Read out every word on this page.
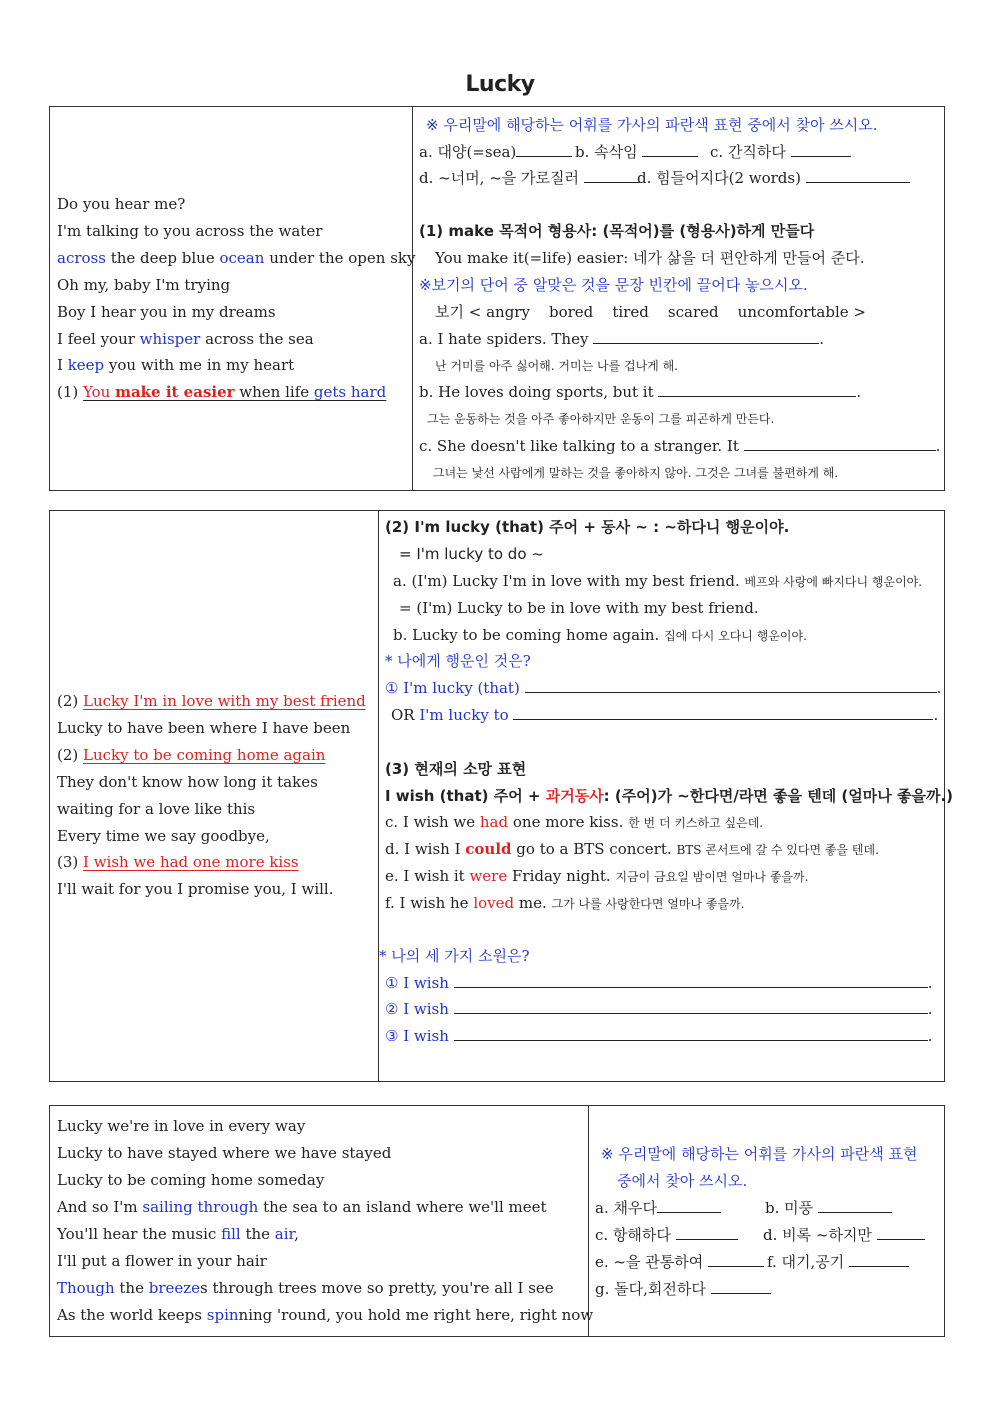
Lucky
Do you hear me?
I'm talking to you across the water
across the deep blue ocean under the open sky
Oh my, baby I'm trying
Boy I hear you in my dreams
I feel your whisper across the sea
I keep you with me in my heart
(1) You make it easier when life gets hard
※ 우리말에 해당하는 어휘를 가사의 파란색 표현 중에서 찾아 쓰시오.
a. 대양(=sea)	b. 속삭임	c. 간직하다
d. ~너머, ~을 가로질러	d. 힘들어지다(2 words)
(1) make 목적어 형용사: (목적어)를 (형용사)하게 만들다
You make it(=life) easier: 네가 삶을 더 편안하게 만들어 준다.
※보기의 단어 중 알맞은 것을 문장 빈칸에 끌어다 놓으시오.
보기 < angry    bored    tired    scared    uncomfortable >
a. I hate spiders. They	.
난 거미를 아주 싫어해. 거미는 나를 겁나게 해.
b. He loves doing sports, but it	.
그는 운동하는 것을 아주 좋아하지만 운동이 그를 피곤하게 만든다.
c. She doesn't like talking to a stranger. It	.
그녀는 낯선 사람에게 말하는 것을 좋아하지 않아. 그것은 그녀를 불편하게 해.
(2) Lucky I'm in love with my best friend
Lucky to have been where I have been
(2) Lucky to be coming home again
They don't know how long it takes
waiting for a love like this
Every time we say goodbye,
(3) I wish we had one more kiss
I'll wait for you I promise you, I will.
(2) I'm lucky (that) 주어 + 동사 ~ : ~하다니 행운이야.
= I'm lucky to do ~
a. (I'm) Lucky I'm in love with my best friend. 베프와 사랑에 빠지다니 행운이야.
= (I'm) Lucky to be in love with my best friend.
b. Lucky to be coming home again. 집에 다시 오다니 행운이야.
* 나에게 행운인 것은?
① I'm lucky (that)	.
OR I'm lucky to	.
(3) 현재의 소망 표현
I wish (that) 주어 + 과거동사: (주어)가 ~한다면/라면 좋을 텐데 (얼마나 좋을까.)
c. I wish we had one more kiss. 한 번 더 키스하고 싶은데.
d. I wish I could go to a BTS concert. BTS 콘서트에 갈 수 있다면 좋을 텐데.
e. I wish it were Friday night. 지금이 금요일 밤이면 얼마나 좋을까.
f. I wish he loved me. 그가 나를 사랑한다면 얼마나 좋을까.
* 나의 세 가지 소원은?
① I wish	.
② I wish	.
③ I wish	.
Lucky we're in love in every way
Lucky to have stayed where we have stayed
Lucky to be coming home someday
And so I'm sailing through the sea to an island where we'll meet
You'll hear the music fill the air,
I'll put a flower in your hair
Though the breezes through trees move so pretty, you're all I see
As the world keeps spinning 'round, you hold me right here, right now
※ 우리말에 해당하는 어휘를 가사의 파란색 표현
중에서 찾아 쓰시오.
a. 채우다	b. 미풍
c. 항해하다	d. 비록 ~하지만
e. ~을 관통하여	f. 대기,공기
g. 돌다,회전하다
